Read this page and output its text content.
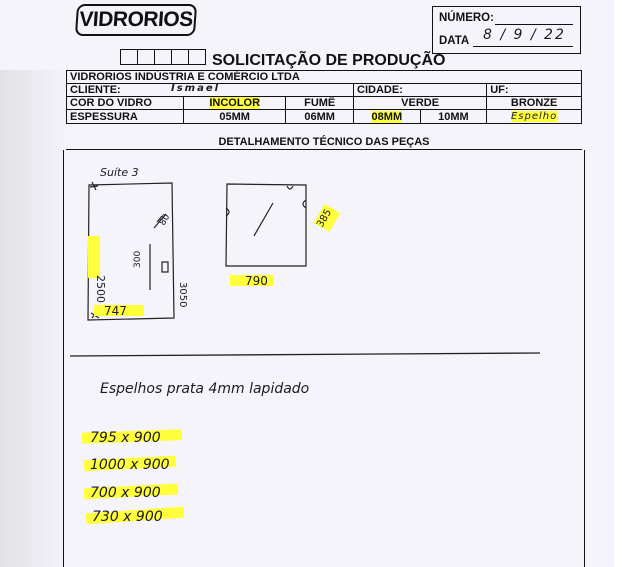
VIDRORIOS	NÚMERO:
DATA 8 / 9 / 22
SOLICITAÇÃO DE PRODUÇÃO
VIDRORIOS INDÚSTRIA E COMÉRCIO LTDA					
CLIENTE: Ismael			CIDADE:		UF:
COR DO VIDRO	INCOLOR	FUMÊ	VERDE		BRONZE
ESPESSURA	05MM	06MM	08MM	10MM	Espelho
DETALHAMENTO TÉCNICO DAS PEÇAS
Suíte 3
2500
300
80
3050
747
385
790
Espelhos prata 4mm lapidado
795 x 900
1000 x 900
700 x 900
730 x 900
